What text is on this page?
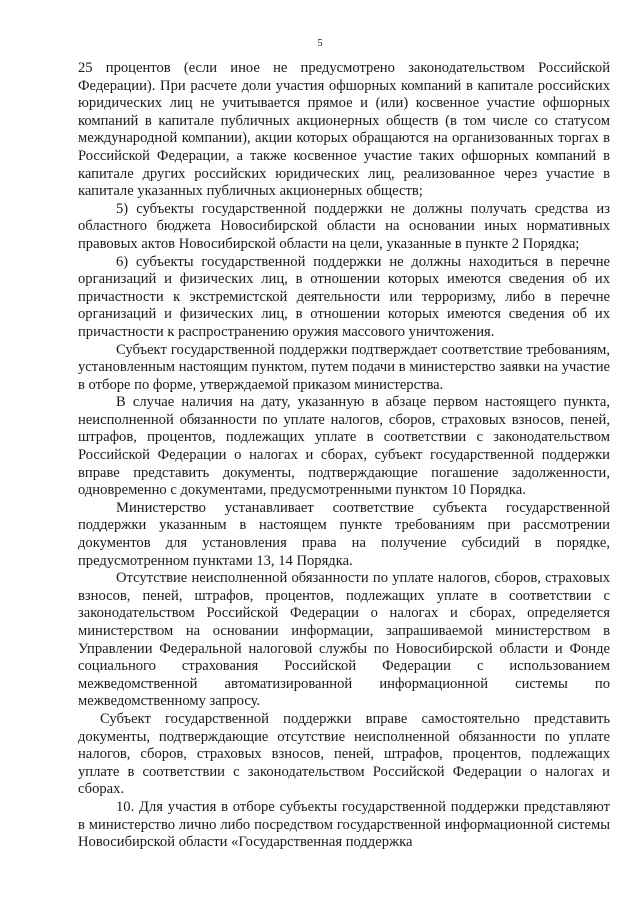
5

25 процентов (если иное не предусмотрено законодательством Российской Федерации). При расчете доли участия офшорных компаний в капитале российских юридических лиц не учитывается прямое и (или) косвенное участие офшорных компаний в капитале публичных акционерных обществ (в том числе со статусом международной компании), акции которых обращаются на организованных торгах в Российской Федерации, а также косвенное участие таких офшорных компаний в капитале других российских юридических лиц, реализованное через участие в капитале указанных публичных акционерных обществ;

5) субъекты государственной поддержки не должны получать средства из областного бюджета Новосибирской области на основании иных нормативных правовых актов Новосибирской области на цели, указанные в пункте 2 Порядка;

6) субъекты государственной поддержки не должны находиться в перечне организаций и физических лиц, в отношении которых имеются сведения об их причастности к экстремистской деятельности или терроризму, либо в перечне организаций и физических лиц, в отношении которых имеются сведения об их причастности к распространению оружия массового уничтожения.

Субъект государственной поддержки подтверждает соответствие требованиям, установленным настоящим пунктом, путем подачи в министерство заявки на участие в отборе по форме, утверждаемой приказом министерства.

В случае наличия на дату, указанную в абзаце первом настоящего пункта, неисполненной обязанности по уплате налогов, сборов, страховых взносов, пеней, штрафов, процентов, подлежащих уплате в соответствии с законодательством Российской Федерации о налогах и сборах, субъект государственной поддержки вправе представить документы, подтверждающие погашение задолженности, одновременно с документами, предусмотренными пунктом 10 Порядка.

Министерство устанавливает соответствие субъекта государственной поддержки указанным в настоящем пункте требованиям при рассмотрении документов для установления права на получение субсидий в порядке, предусмотренном пунктами 13, 14 Порядка.

Отсутствие неисполненной обязанности по уплате налогов, сборов, страховых взносов, пеней, штрафов, процентов, подлежащих уплате в соответствии с законодательством Российской Федерации о налогах и сборах, определяется министерством на основании информации, запрашиваемой министерством в Управлении Федеральной налоговой службы по Новосибирской области и Фонде социального страхования Российской Федерации с использованием межведомственной автоматизированной информационной системы по межведомственному запросу.

Субъект государственной поддержки вправе самостоятельно представить документы, подтверждающие отсутствие неисполненной обязанности по уплате налогов, сборов, страховых взносов, пеней, штрафов, процентов, подлежащих уплате в соответствии с законодательством Российской Федерации о налогах и сборах.

10. Для участия в отборе субъекты государственной поддержки представляют в министерство лично либо посредством государственной информационной системы Новосибирской области «Государственная поддержка
